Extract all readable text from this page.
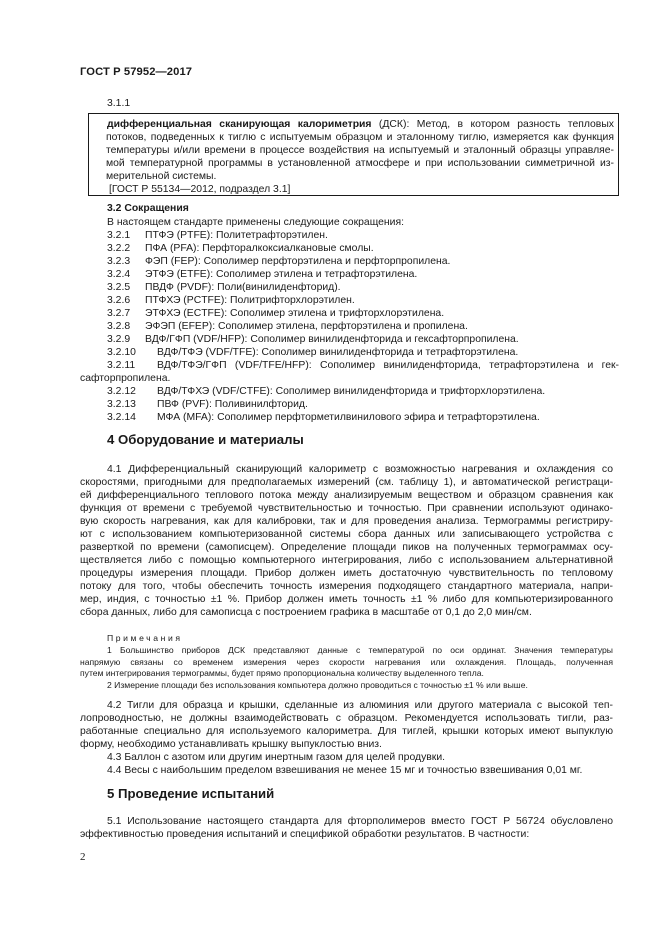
ГОСТ Р 57952—2017
3.1.1
дифференциальная сканирующая калориметрия (ДСК): Метод, в котором разность тепловых
потоков, подведенных к тиглю с испытуемым образцом и эталонному тиглю, измеряется как функция
температуры и/или времени в процессе воздействия на испытуемый и эталонный образцы управляе-
мой температурной программы в установленной атмосфере и при использовании симметричной из-
мерительной системы.
[ГОСТ Р 55134—2012, подраздел 3.1]
3.2 Сокращения
В настоящем стандарте применены следующие сокращения:
3.2.1 ПТФЭ (PTFE): Политетрафторэтилен.
3.2.2 ПФА (PFA): Перфторалкоксиалкановые смолы.
3.2.3 ФЭП (FEP): Сополимер перфторэтилена и перфторпропилена.
3.2.4 ЭТФЭ (ETFE): Сополимер этилена и тетрафторэтилена.
3.2.5 ПВДФ (PVDF): Поли(винилиденфторид).
3.2.6 ПТФХЭ (PCTFE): Политрифторхлорэтилен.
3.2.7 ЭТФХЭ (ECTFE): Сополимер этилена и трифторхлорэтилена.
3.2.8 ЭФЭП (EFEP): Сополимер этилена, перфторэтилена и пропилена.
3.2.9 ВДФ/ГФП (VDF/HFP): Сополимер винилиденфторида и гексафторпропилена.
3.2.10 ВДФ/ТФЭ (VDF/TFE): Сополимер винилиденфторида и тетрафторэтилена.
3.2.11 ВДФ/ТФЭ/ГФП (VDF/TFE/HFP): Сополимер винилиденфторида, тетрафторэтилена и гек-
сафторпропилена.
3.2.12 ВДФ/ТФХЭ (VDF/CTFE): Сополимер винилиденфторида и трифторхлорэтилена.
3.2.13 ПВФ (PVF): Поливинилфторид.
3.2.14 МФА (MFA): Сополимер перфторметилвинилового эфира и тетрафторэтилена.
4 Оборудование и материалы
4.1 Дифференциальный сканирующий калориметр с возможностью нагревания и охлаждения со
скоростями, пригодными для предполагаемых измерений (см. таблицу 1), и автоматической регистраци-
ей дифференциального теплового потока между анализируемым веществом и образцом сравнения как
функция от времени с требуемой чувствительностью и точностью. При сравнении используют одинако-
вую скорость нагревания, как для калибровки, так и для проведения анализа. Термограммы регистриру-
ют с использованием компьютеризованной системы сбора данных или записывающего устройства с
разверткой по времени (самописцем). Определение площади пиков на полученных термограммах осу-
ществляется либо с помощью компьютерного интегрирования, либо с использованием альтернативной
процедуры измерения площади. Прибор должен иметь достаточную чувствительность по тепловому
потоку для того, чтобы обеспечить точность измерения подходящего стандартного материала, напри-
мер, индия, с точностью ±1 %. Прибор должен иметь точность ±1 % либо для компьютеризированного
сбора данных, либо для самописца с построением графика в масштабе от 0,1 до 2,0 мин/см.
Примечания
1 Большинство приборов ДСК представляют данные с температурой по оси ординат. Значения температуры
напрямую связаны со временем измерения через скорости нагревания или охлаждения. Площадь, полученная
путем интегрирования термограммы, будет прямо пропорциональна количеству выделенного тепла.
2 Измерение площади без использования компьютера должно проводиться с точностью ±1 % или выше.
4.2 Тигли для образца и крышки, сделанные из алюминия или другого материала с высокой теп-
лопроводностью, не должны взаимодействовать с образцом. Рекомендуется использовать тигли, раз-
работанные специально для используемого калориметра. Для тиглей, крышки которых имеют выпуклую
форму, необходимо устанавливать крышку выпуклостью вниз.
4.3 Баллон с азотом или другим инертным газом для целей продувки.
4.4 Весы с наибольшим пределом взвешивания не менее 15 мг и точностью взвешивания 0,01 мг.
5 Проведение испытаний
5.1 Использование настоящего стандарта для фторполимеров вместо ГОСТ Р 56724 обусловлено
эффективностью проведения испытаний и спецификой обработки результатов. В частности:
2
